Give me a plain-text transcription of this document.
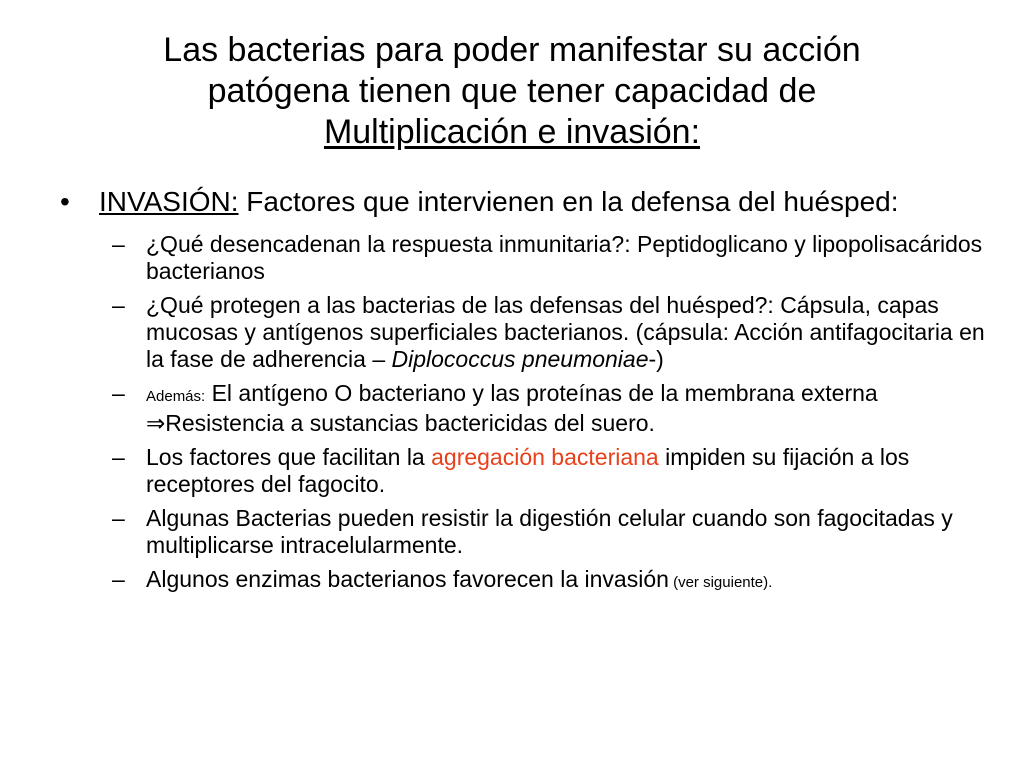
Las bacterias para poder manifestar su acción
patógena tienen que tener capacidad de
Multiplicación e invasión:
• INVASIÓN: Factores que intervienen en la defensa del huésped:
– ¿Qué desencadenan la respuesta inmunitaria?: Peptidoglicano y lipopolisacáridos bacterianos
– ¿Qué protegen a las bacterias de las defensas del huésped?: Cápsula, capas mucosas y antígenos superficiales bacterianos. (cápsula: Acción antifagocitaria en la fase de adherencia – Diplococcus pneumoniae-)
– Además: El antígeno O bacteriano y las proteínas de la membrana externa ⇒Resistencia a sustancias bactericidas del suero.
– Los factores que facilitan la agregación bacteriana impiden su fijación a los receptores del fagocito.
– Algunas Bacterias pueden resistir la digestión celular cuando son fagocitadas y multiplicarse intracelularmente.
– Algunos enzimas bacterianos favorecen la invasión (ver siguiente).
